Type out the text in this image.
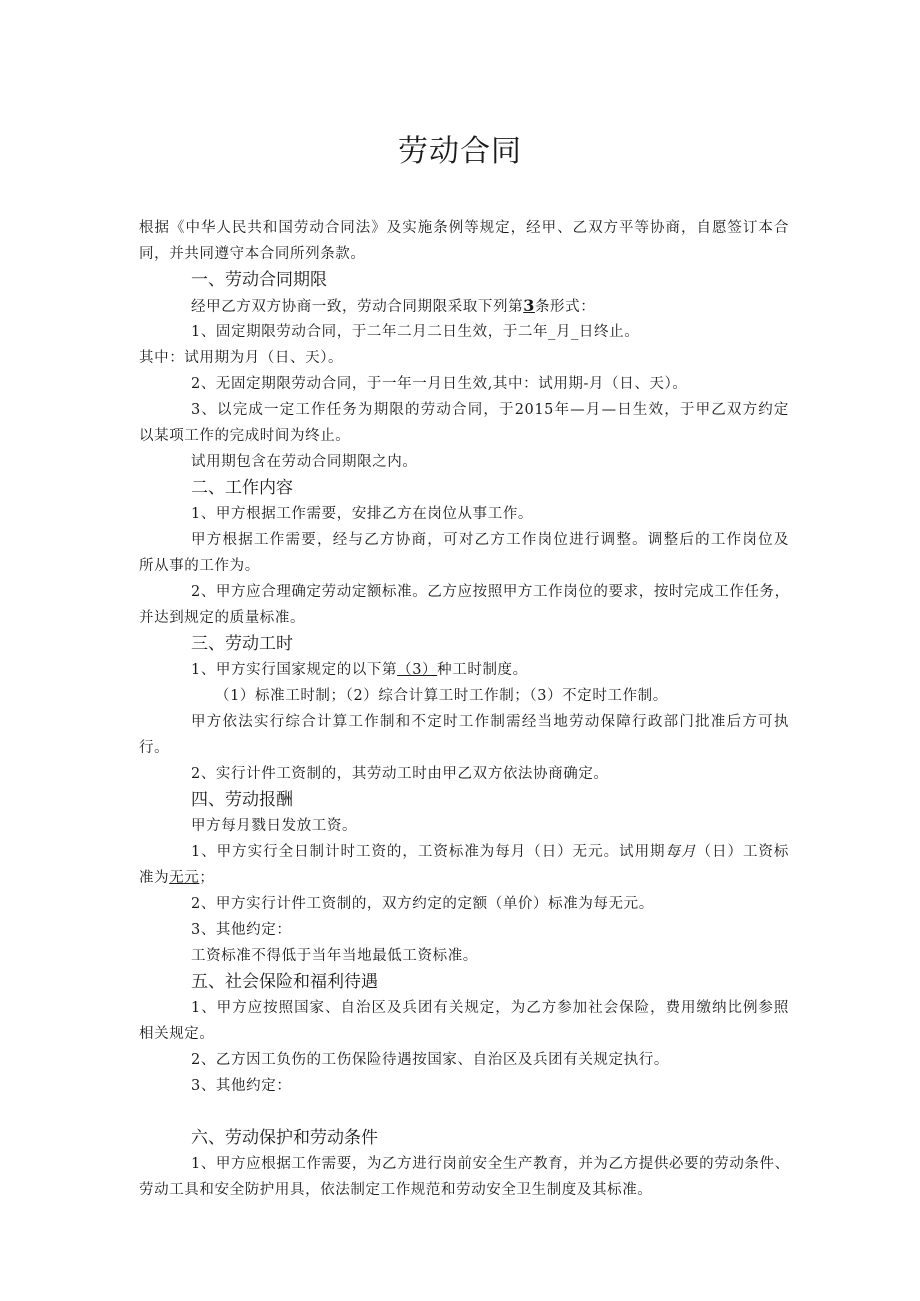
劳动合同
根据《中华人民共和国劳动合同法》及实施条例等规定，经甲、乙双方平等协商，自愿签订本合
同，并共同遵守本合同所列条款。
一、劳动合同期限
经甲乙方双方协商一致，劳动合同期限采取下列第3条形式：
1、固定期限劳动合同，于二年二月二日生效，于二年_月_日终止。
其中：试用期为月（日、天）。
2、无固定期限劳动合同，于一年一月日生效,其中：试用期-月（日、天）。
3、以完成一定工作任务为期限的劳动合同，于2015年—月—日生效，于甲乙双方约定
以某项工作的完成时间为终止。
试用期包含在劳动合同期限之内。
二、工作内容
1、甲方根据工作需要，安排乙方在岗位从事工作。
甲方根据工作需要，经与乙方协商，可对乙方工作岗位进行调整。调整后的工作岗位及
所从事的工作为。
2、甲方应合理确定劳动定额标准。乙方应按照甲方工作岗位的要求，按时完成工作任务，
并达到规定的质量标准。
三、劳动工时
1、甲方实行国家规定的以下第（3）种工时制度。
（1）标准工时制；（2）综合计算工时工作制；（3）不定时工作制。
甲方依法实行综合计算工作制和不定时工作制需经当地劳动保障行政部门批准后方可执
行。
2、实行计件工资制的，其劳动工时由甲乙双方依法协商确定。
四、劳动报酬
甲方每月戮日发放工资。
1、甲方实行全日制计时工资的，工资标准为每月（日）无元。试用期每月（日）工资标
准为无元；
2、甲方实行计件工资制的，双方约定的定额（单价）标准为每无元。
3、其他约定：
工资标准不得低于当年当地最低工资标准。
五、社会保险和福利待遇
1、甲方应按照国家、自治区及兵团有关规定，为乙方参加社会保险，费用缴纳比例参照
相关规定。
2、乙方因工负伤的工伤保险待遇按国家、自治区及兵团有关规定执行。
3、其他约定：
六、劳动保护和劳动条件
1、甲方应根据工作需要，为乙方进行岗前安全生产教育，并为乙方提供必要的劳动条件、
劳动工具和安全防护用具，依法制定工作规范和劳动安全卫生制度及其标准。
